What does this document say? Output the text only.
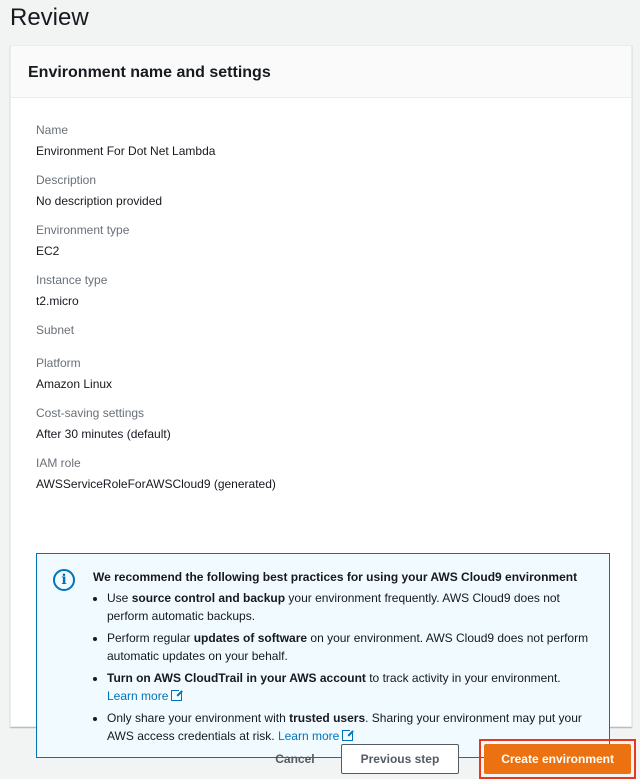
Review
Environment name and settings
Name
Environment For Dot Net Lambda
Description
No description provided
Environment type
EC2
Instance type
t2.micro
Subnet
Platform
Amazon Linux
Cost-saving settings
After 30 minutes (default)
IAM role
AWSServiceRoleForAWSCloud9 (generated)
i	We recommend the following best practices for using your AWS Cloud9 environment

• Use source control and backup your environment frequently. AWS Cloud9 does not perform automatic backups.
• Perform regular updates of software on your environment. AWS Cloud9 does not perform automatic updates on your behalf.
• Turn on AWS CloudTrail in your AWS account to track activity in your environment. Learn more
• Only share your environment with trusted users. Sharing your environment may put your AWS access credentials at risk. Learn more
Cancel	Previous step	Create environment
